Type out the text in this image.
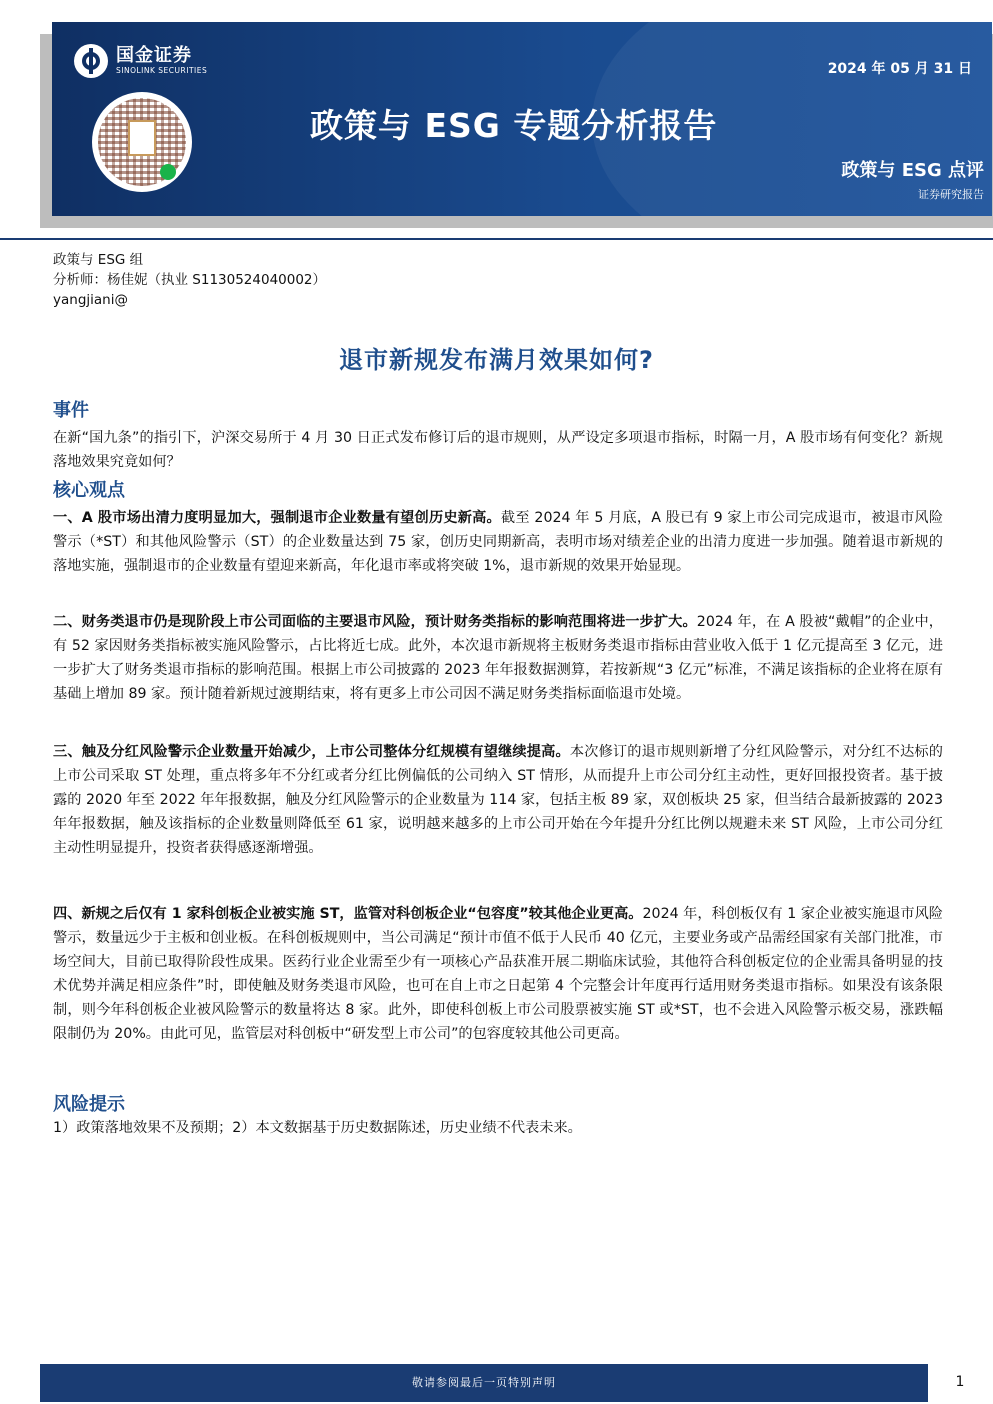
国金证券
SINOLINK SECURITIES	2024 年 05 月 31 日
政策与 ESG 专题分析报告
政策与 ESG 点评
证券研究报告
政策与 ESG 组
分析师：杨佳妮（执业 S1130524040002）
yangjiani@
退市新规发布满月效果如何?
事件
在新“国九条”的指引下，沪深交易所于 4 月 30 日正式发布修订后的退市规则，从严设定多项退市指标，时隔一月，A 股市场有何变化？新规落地效果究竟如何？
核心观点
一、A 股市场出清力度明显加大，强制退市企业数量有望创历史新高。截至 2024 年 5 月底，A 股已有 9 家上市公司完成退市，被退市风险警示（*ST）和其他风险警示（ST）的企业数量达到 75 家，创历史同期新高，表明市场对绩差企业的出清力度进一步加强。随着退市新规的落地实施，强制退市的企业数量有望迎来新高，年化退市率或将突破 1%，退市新规的效果开始显现。
二、财务类退市仍是现阶段上市公司面临的主要退市风险，预计财务类指标的影响范围将进一步扩大。2024 年，在 A 股被“戴帽”的企业中，有 52 家因财务类指标被实施风险警示，占比将近七成。此外，本次退市新规将主板财务类退市指标由营业收入低于 1 亿元提高至 3 亿元，进一步扩大了财务类退市指标的影响范围。根据上市公司披露的 2023 年年报数据测算，若按新规“3 亿元”标准，不满足该指标的企业将在原有基础上增加 89 家。预计随着新规过渡期结束，将有更多上市公司因不满足财务类指标面临退市处境。
三、触及分红风险警示企业数量开始减少，上市公司整体分红规模有望继续提高。本次修订的退市规则新增了分红风险警示，对分红不达标的上市公司采取 ST 处理，重点将多年不分红或者分红比例偏低的公司纳入 ST 情形，从而提升上市公司分红主动性，更好回报投资者。基于披露的 2020 年至 2022 年年报数据，触及分红风险警示的企业数量为 114 家，包括主板 89 家，双创板块 25 家，但当结合最新披露的 2023 年年报数据，触及该指标的企业数量则降低至 61 家，说明越来越多的上市公司开始在今年提升分红比例以规避未来 ST 风险，上市公司分红主动性明显提升，投资者获得感逐渐增强。
四、新规之后仅有 1 家科创板企业被实施 ST，监管对科创板企业“包容度”较其他企业更高。2024 年，科创板仅有 1 家企业被实施退市风险警示，数量远少于主板和创业板。在科创板规则中，当公司满足“预计市值不低于人民币 40 亿元，主要业务或产品需经国家有关部门批准，市场空间大，目前已取得阶段性成果。医药行业企业需至少有一项核心产品获准开展二期临床试验，其他符合科创板定位的企业需具备明显的技术优势并满足相应条件”时，即使触及财务类退市风险，也可在自上市之日起第 4 个完整会计年度再行适用财务类退市指标。如果没有该条限制，则今年科创板企业被风险警示的数量将达 8 家。此外，即使科创板上市公司股票被实施 ST 或*ST，也不会进入风险警示板交易，涨跌幅限制仍为 20%。由此可见，监管层对科创板中“研发型上市公司”的包容度较其他公司更高。
风险提示
1）政策落地效果不及预期；2）本文数据基于历史数据陈述，历史业绩不代表未来。
敬请参阅最后一页特别声明	1
